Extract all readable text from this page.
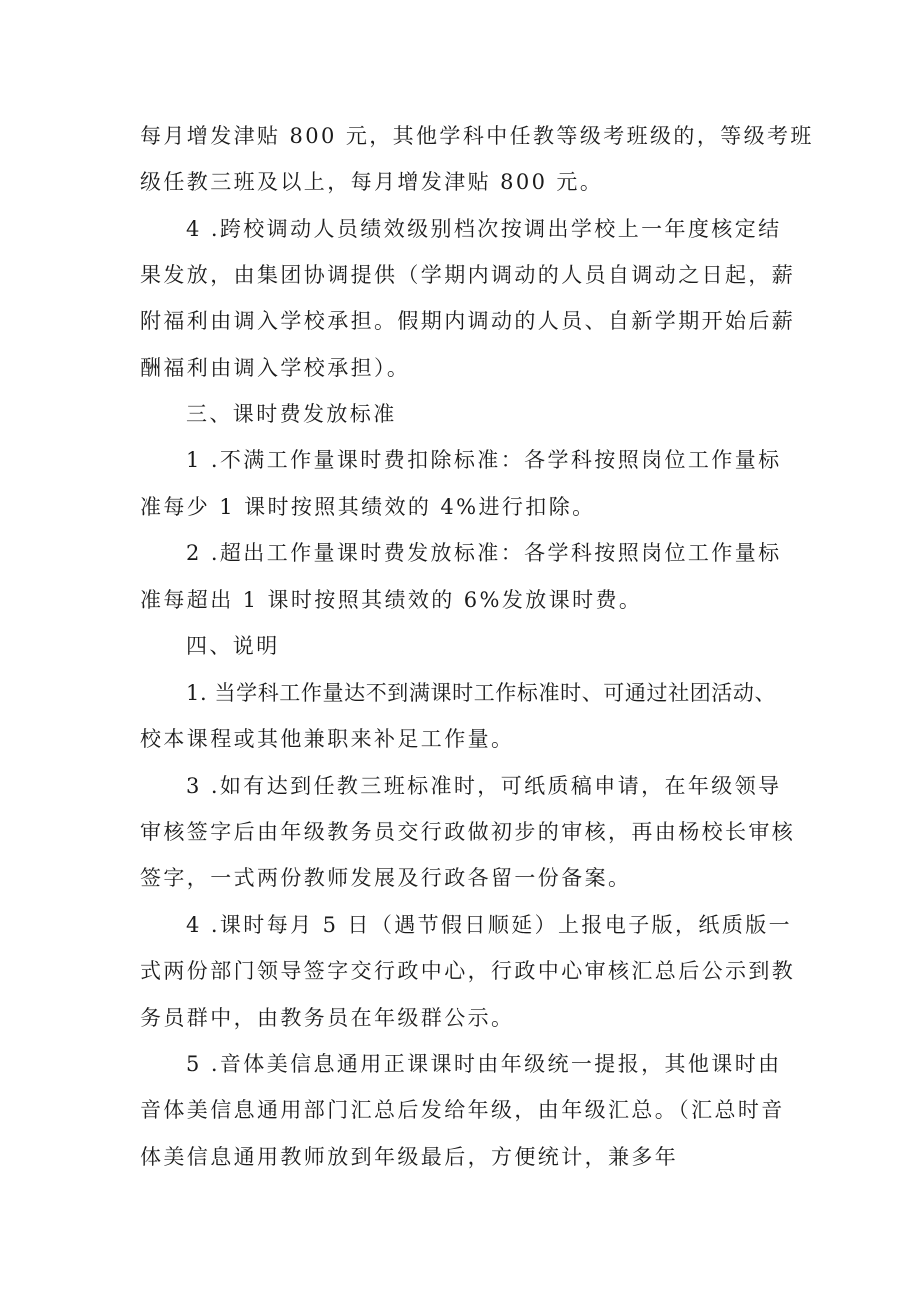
每月增发津贴 800 元，其他学科中任教等级考班级的，等级考班
级任教三班及以上，每月增发津贴 800 元。
4 .跨校调动人员绩效级别档次按调出学校上一年度核定结
果发放，由集团协调提供（学期内调动的人员自调动之日起，薪
附福利由调入学校承担。假期内调动的人员、自新学期开始后薪
酬福利由调入学校承担）。
三、课时费发放标准
1 .不满工作量课时费扣除标准：各学科按照岗位工作量标
准每少 1 课时按照其绩效的 4%进行扣除。
2 .超出工作量课时费发放标准：各学科按照岗位工作量标
准每超出 1 课时按照其绩效的 6%发放课时费。
四、说明
1. 当学科工作量达不到满课时工作标准时、可通过社团活动、
校本课程或其他兼职来补足工作量。
3 .如有达到任教三班标准时，可纸质稿申请，在年级领导
审核签字后由年级教务员交行政做初步的审核，再由杨校长审核
签字，一式两份教师发展及行政各留一份备案。
4 .课时每月 5 日（遇节假日顺延）上报电子版，纸质版一
式两份部门领导签字交行政中心，行政中心审核汇总后公示到教
务员群中，由教务员在年级群公示。
5 .音体美信息通用正课课时由年级统一提报，其他课时由
音体美信息通用部门汇总后发给年级，由年级汇总。（汇总时音
体美信息通用教师放到年级最后，方便统计，兼多年
